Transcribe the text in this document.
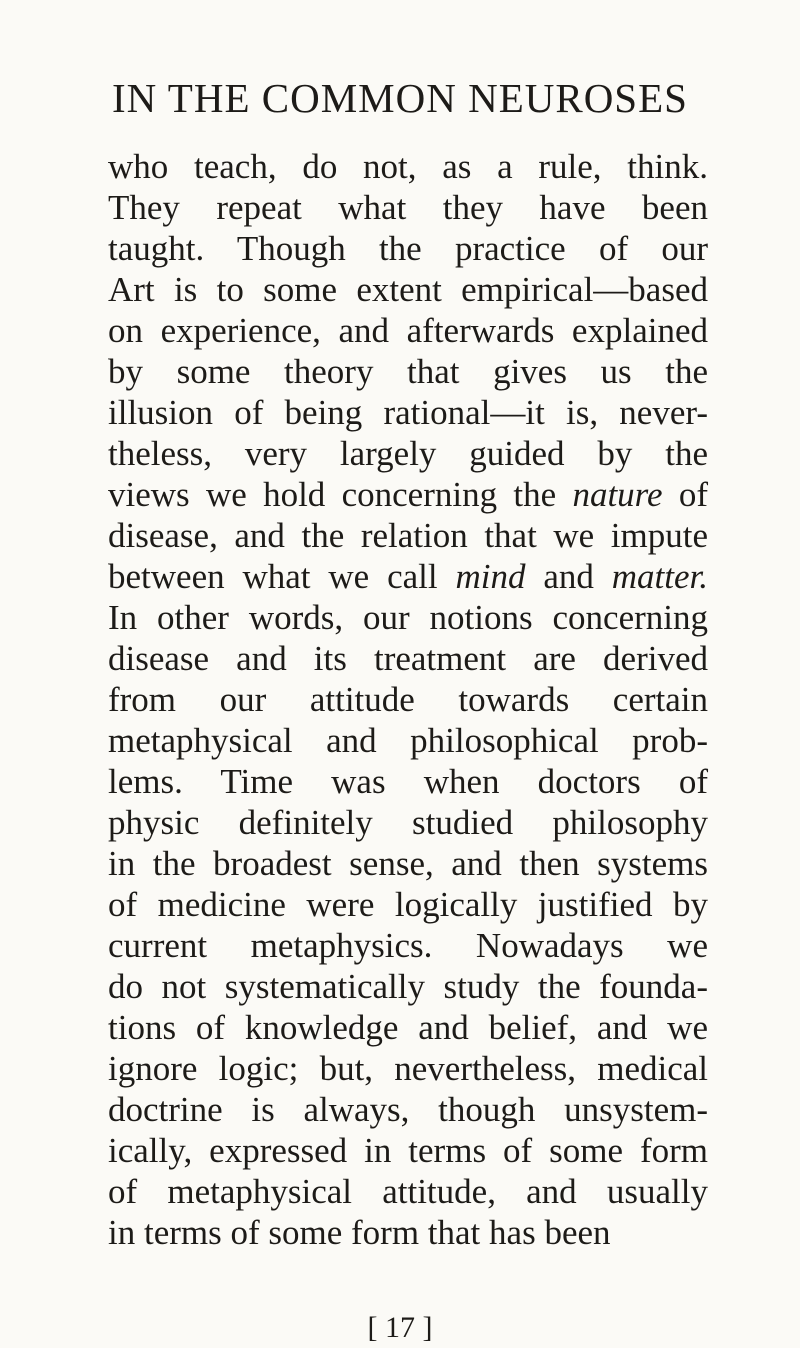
IN THE COMMON NEUROSES
who teach, do not, as a rule, think.
They repeat what they have been
taught. Though the practice of our
Art is to some extent empirical—based
on experience, and afterwards explained
by some theory that gives us the
illusion of being rational—it is, never-
theless, very largely guided by the
views we hold concerning the nature of
disease, and the relation that we impute
between what we call mind and matter.
In other words, our notions concerning
disease and its treatment are derived
from our attitude towards certain
metaphysical and philosophical prob-
lems. Time was when doctors of
physic definitely studied philosophy
in the broadest sense, and then systems
of medicine were logically justified by
current metaphysics. Nowadays we
do not systematically study the founda-
tions of knowledge and belief, and we
ignore logic; but, nevertheless, medical
doctrine is always, though unsystem-
ically, expressed in terms of some form
of metaphysical attitude, and usually
in terms of some form that has been
[ 17 ]
